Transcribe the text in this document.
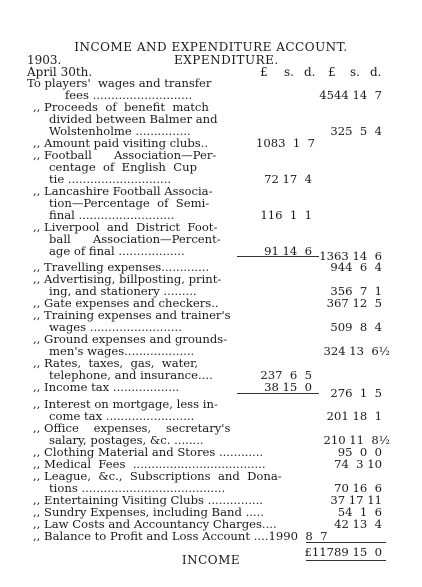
INCOME AND EXPENDITURE ACCOUNT.
1903.	EXPENDITURE.
April 30th.	£ s. d. £ s. d.
To players'  wages and transfer
fees ...........................
,, Proceeds  of  benefit  match
divided between Balmer and
Wolstenholme ...............
,, Amount paid visiting clubs..
,, Football      Association—Per-
centage  of  English  Cup
tie ............................
,, Lancashire Football Associa-
tion—Percentage  of  Semi-
final ..........................
,, Liverpool  and  District  Foot-
ball      Association—Percent-
age of final ..................
,, Travelling expenses.............
,, Advertising, billposting, print-
ing, and stationery .........
,, Gate expenses and checkers..
,, Training expenses and trainer's
wages .........................
,, Ground expenses and grounds-
men's wages...................
,, Rates,  taxes,  gas,  water,
telephone, and insurance....
,, Income tax ..................
,, Interest on mortgage, less in-
come tax ........................
,, Office    expenses,    secretary's
salary, postages, &c. ........
,, Clothing Material and Stores ............
,, Medical  Fees  ....................................
,, League,  &c.,  Subscriptions  and  Dona-
tions .......................................
,, Entertaining Visiting Clubs ...............
,, Sundry Expenses, including Band .....
,, Law Costs and Accountancy Charges....
,, Balance to Profit and Loss Account ....1990  8  7
1083  1  7
72 17  4
116  1  1
91 14  6
237  6  5
38 15  0
4544 14  7
325  5  4
1363 14  6
944  6  4
356  7  1
367 12  5
509  8  4
324 13  6½
276  1  5
201 18  1
210 11  8½
95  0  0
74  3 10
70 16  6
37 17 11
54  1  6
42 13  4
£11789 15  0
INCOME
